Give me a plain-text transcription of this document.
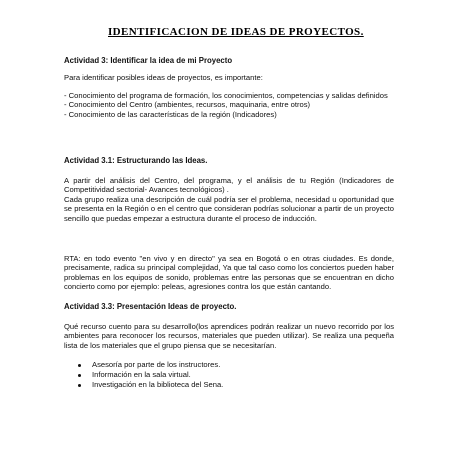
IDENTIFICACION DE IDEAS DE PROYECTOS.
Actividad 3: Identificar la idea de mi Proyecto
Para identificar posibles ideas de proyectos, es importante:
- Conocimiento del programa de formación, los conocimientos, competencias y salidas definidos
- Conocimiento del Centro (ambientes, recursos, maquinaria, entre otros)
- Conocimiento de las características de la región (Indicadores)
Actividad 3.1: Estructurando las Ideas.
A partir del análisis del Centro, del programa, y el análisis de tu Región (Indicadores de Competitividad sectorial- Avances tecnológicos) .
Cada grupo realiza una descripción de cuál podría ser el problema, necesidad u oportunidad que se presenta en la Región o en el centro que consideran podrías solucionar a partir de un proyecto sencillo que puedas empezar a estructura durante el proceso de inducción.
RTA: en todo evento "en vivo y en directo" ya sea en Bogotá o en otras ciudades. Es donde, precisamente, radica su principal complejidad, Ya que tal caso como los conciertos pueden haber problemas en los equipos de sonido, problemas entre las personas que se encuentran en dicho concierto como por ejemplo: peleas, agresiones contra los que están cantando.
Actividad 3.3: Presentación Ideas de proyecto.
Qué recurso cuento para su desarrollo(los aprendices podrán realizar un nuevo recorrido por los ambientes para reconocer los recursos, materiales que pueden utilizar). Se realiza una pequeña lista de los materiales que el grupo piensa que se necesitarían.
Asesoría por parte de los instructores.
Información en la sala virtual.
Investigación en la biblioteca del Sena.
